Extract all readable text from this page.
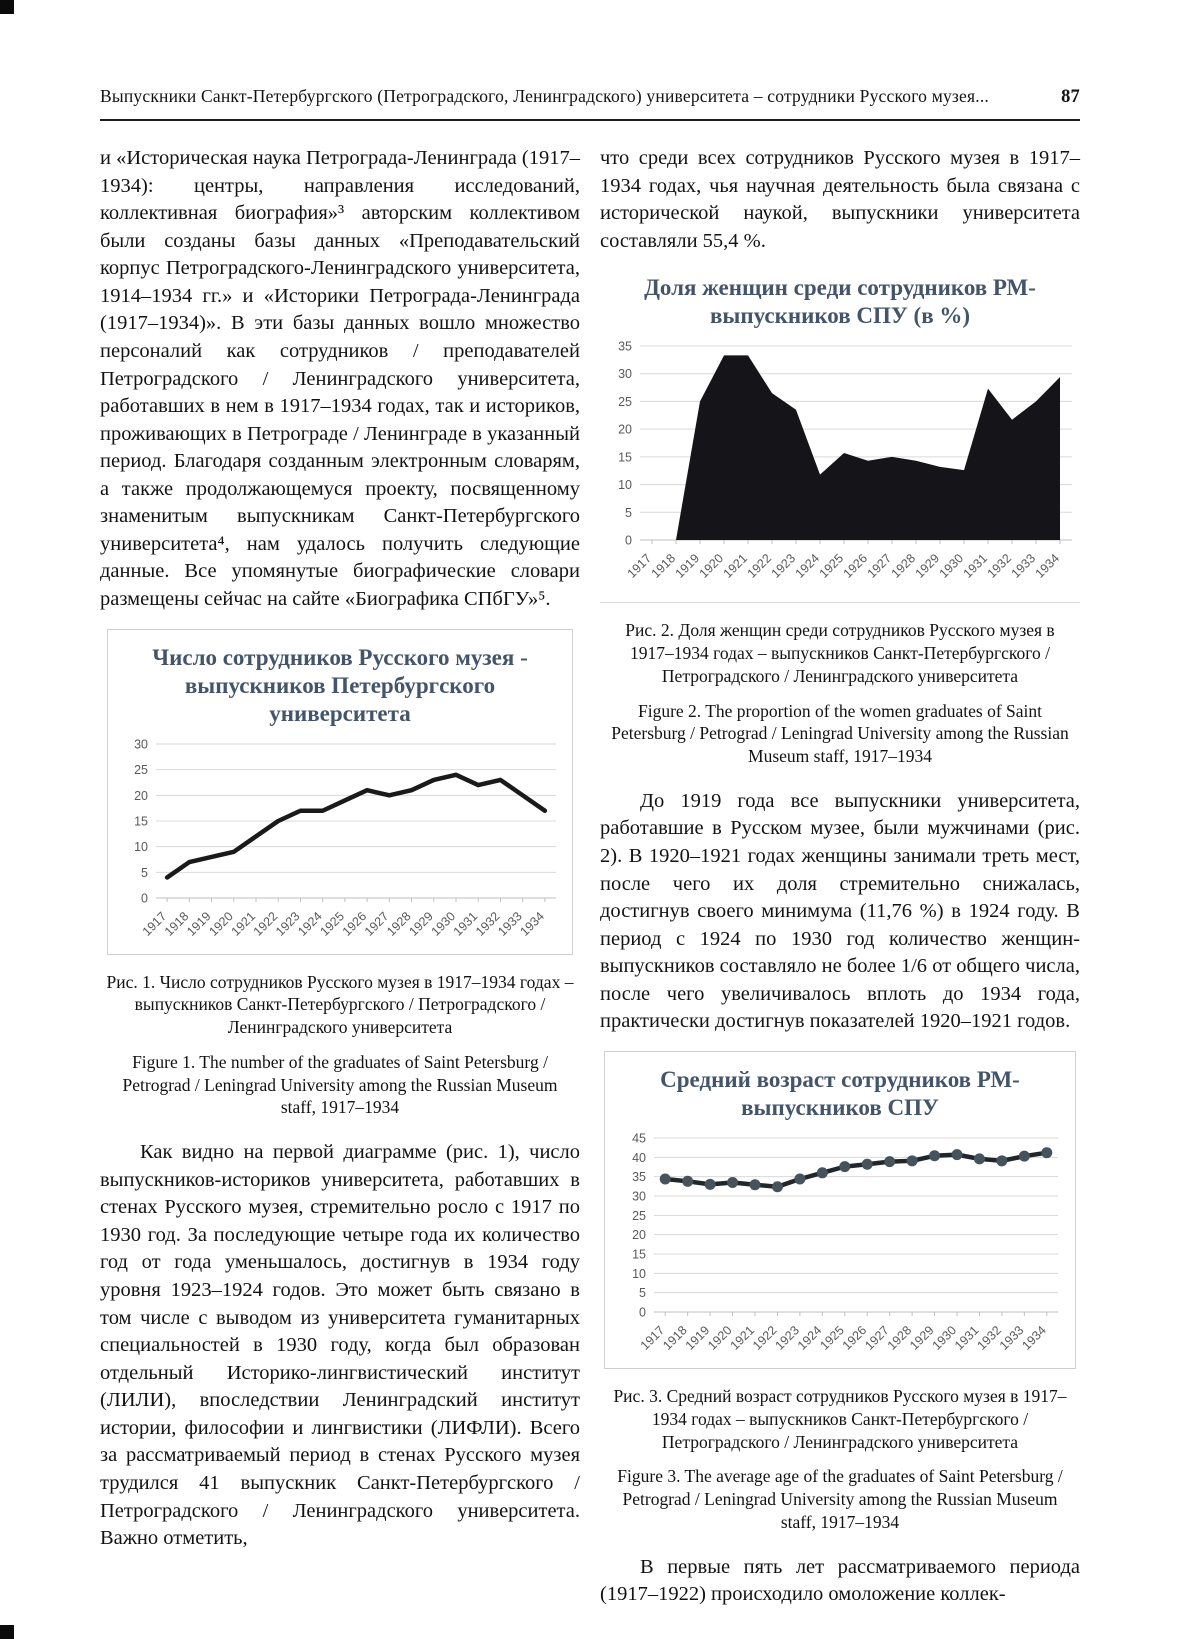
Выпускники Санкт-Петербургского (Петроградского, Ленинградского) университета – сотрудники Русского музея...	87

и «Историческая наука Петрограда-Ленинграда (1917–1934): центры, направления исследований, коллективная биография»³ авторским коллективом были созданы базы данных «Преподавательский корпус Петроградского-Ленинградского университета, 1914–1934 гг.» и «Историки Петрограда-Ленинграда (1917–1934)». В эти базы данных вошло множество персоналий как сотрудников / преподавателей Петроградского / Ленинградского университета, работавших в нем в 1917–1934 годах, так и историков, проживающих в Петрограде / Ленинграде в указанный период. Благодаря созданным электронным словарям, а также продолжающемуся проекту, посвященному знаменитым выпускникам Санкт-Петербургского университета⁴, нам удалось получить следующие данные. Все упомянутые биографические словари размещены сейчас на сайте «Биографика СПбГУ»⁵.

Число сотрудников Русского музея - выпускников Петербургского университета
0
5
10
15
20
25
30
1917
1918
1919
1920
1921
1922
1923
1924
1925
1926
1927
1928
1929
1930
1931
1932
1933
1934
Рис. 1. Число сотрудников Русского музея в 1917–1934 годах – выпускников Санкт-Петербургского / Петроградского / Ленинградского университета
Figure 1. The number of the graduates of Saint Petersburg / Petrograd / Leningrad University among the Russian Museum staff, 1917–1934

Как видно на первой диаграмме (рис. 1), число выпускников-историков университета, работавших в стенах Русского музея, стремительно росло с 1917 по 1930 год. За последующие четыре года их количество год от года уменьшалось, достигнув в 1934 году уровня 1923–1924 годов. Это может быть связано в том числе с выводом из университета гуманитарных специальностей в 1930 году, когда был образован отдельный Историко-лингвистический институт (ЛИЛИ), впоследствии Ленинградский институт истории, философии и лингвистики (ЛИФЛИ). Всего за рассматриваемый период в стенах Русского музея трудился 41 выпускник Санкт-Петербургского / Петроградского / Ленинградского университета. Важно отметить,

что среди всех сотрудников Русского музея в 1917–1934 годах, чья научная деятельность была связана с исторической наукой, выпускники университета составляли 55,4 %.

Доля женщин среди сотрудников РМ-выпускников СПУ (в %)
0
5
10
15
20
25
30
35
1917
1918
1919
1920
1921
1922
1923
1924
1925
1926
1927
1928
1929
1930
1931
1932
1933
1934
Рис. 2. Доля женщин среди сотрудников Русского музея в 1917–1934 годах – выпускников Санкт-Петербургского / Петроградского / Ленинградского университета
Figure 2. The proportion of the women graduates of Saint Petersburg / Petrograd / Leningrad University among the Russian Museum staff, 1917–1934

До 1919 года все выпускники университета, работавшие в Русском музее, были мужчинами (рис. 2). В 1920–1921 годах женщины занимали треть мест, после чего их доля стремительно снижалась, достигнув своего минимума (11,76 %) в 1924 году. В период с 1924 по 1930 год количество женщин-выпускников составляло не более 1/6 от общего числа, после чего увеличивалось вплоть до 1934 года, практически достигнув показателей 1920–1921 годов.

Средний возраст сотрудников РМ-выпускников СПУ
0
5
10
15
20
25
30
35
40
45
1917
1918
1919
1920
1921
1922
1923
1924
1925
1926
1927
1928
1929
1930
1931
1932
1933
1934
Рис. 3. Средний возраст сотрудников Русского музея в 1917–1934 годах – выпускников Санкт-Петербургского / Петроградского / Ленинградского университета
Figure 3. The average age of the graduates of Saint Petersburg / Petrograd / Leningrad University among the Russian Museum staff, 1917–1934

В первые пять лет рассматриваемого периода (1917–1922) происходило омоложение коллек-
